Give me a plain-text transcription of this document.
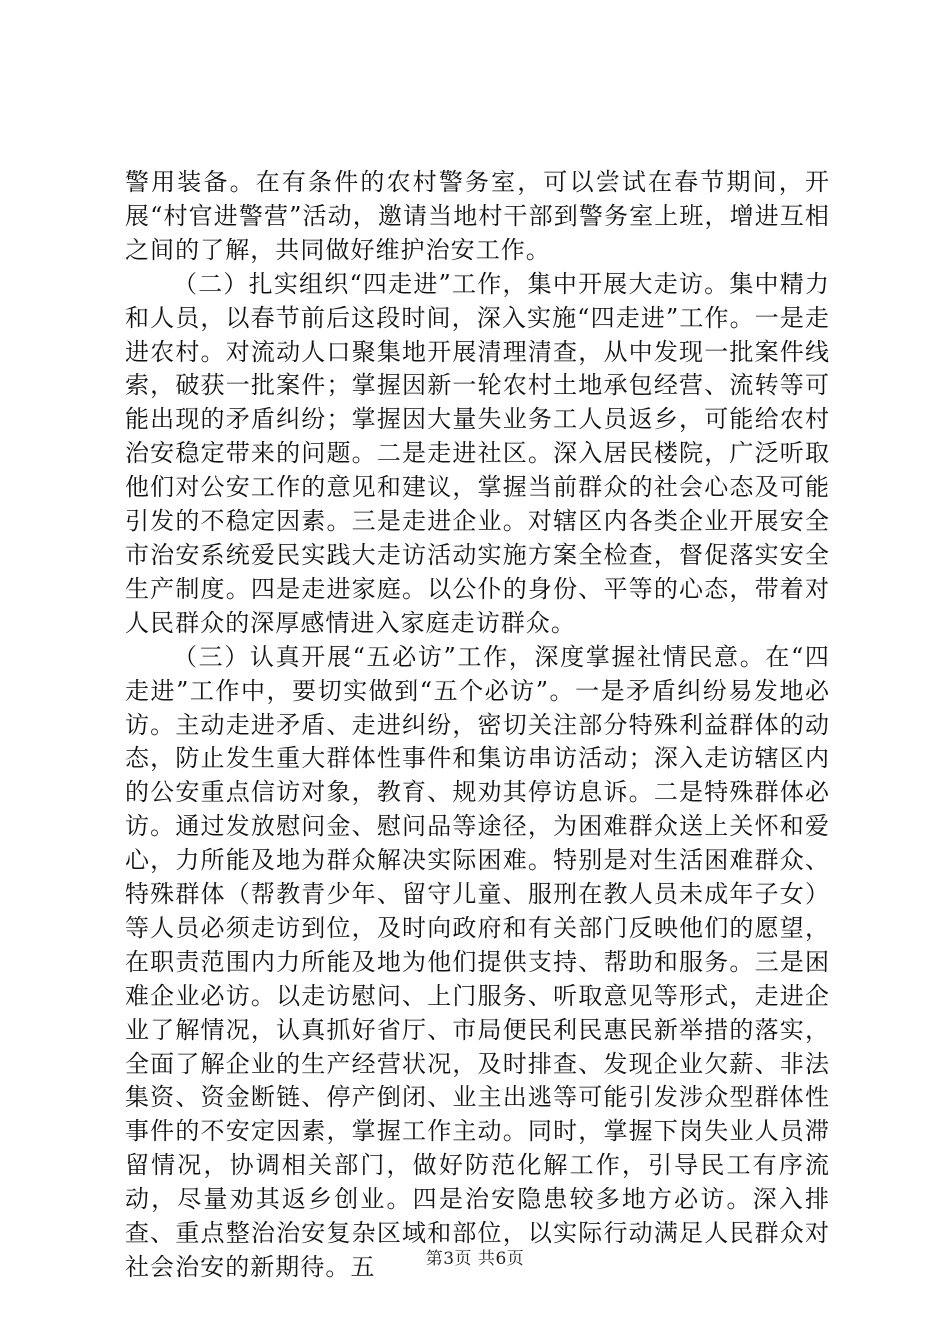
警用装备。在有条件的农村警务室，可以尝试在春节期间，开展“村官进警营”活动，邀请当地村干部到警务室上班，增进互相之间的了解，共同做好维护治安工作。

（二）扎实组织“四走进”工作，集中开展大走访。集中精力和人员，以春节前后这段时间，深入实施“四走进”工作。一是走进农村。对流动人口聚集地开展清理清查，从中发现一批案件线索，破获一批案件；掌握因新一轮农村土地承包经营、流转等可能出现的矛盾纠纷；掌握因大量失业务工人员返乡，可能给农村治安稳定带来的问题。二是走进社区。深入居民楼院，广泛听取他们对公安工作的意见和建议，掌握当前群众的社会心态及可能引发的不稳定因素。三是走进企业。对辖区内各类企业开展安全市治安系统爱民实践大走访活动实施方案全检查，督促落实安全生产制度。四是走进家庭。以公仆的身份、平等的心态，带着对人民群众的深厚感情进入家庭走访群众。

（三）认真开展“五必访”工作，深度掌握社情民意。在“四走进”工作中，要切实做到“五个必访”。一是矛盾纠纷易发地必访。主动走进矛盾、走进纠纷，密切关注部分特殊利益群体的动态，防止发生重大群体性事件和集访串访活动；深入走访辖区内的公安重点信访对象，教育、规劝其停访息诉。二是特殊群体必访。通过发放慰问金、慰问品等途径，为困难群众送上关怀和爱心，力所能及地为群众解决实际困难。特别是对生活困难群众、特殊群体（帮教青少年、留守儿童、服刑在教人员未成年子女）等人员必须走访到位，及时向政府和有关部门反映他们的愿望，在职责范围内力所能及地为他们提供支持、帮助和服务。三是困难企业必访。以走访慰问、上门服务、听取意见等形式，走进企业了解情况，认真抓好省厅、市局便民利民惠民新举措的落实，全面了解企业的生产经营状况，及时排查、发现企业欠薪、非法集资、资金断链、停产倒闭、业主出逃等可能引发涉众型群体性事件的不安定因素，掌握工作主动。同时，掌握下岗失业人员滞留情况，协调相关部门，做好防范化解工作，引导民工有序流动，尽量劝其返乡创业。四是治安隐患较多地方必访。深入排查、重点整治治安复杂区域和部位，以实际行动满足人民群众对社会治安的新期待。五	第3页 共6页
